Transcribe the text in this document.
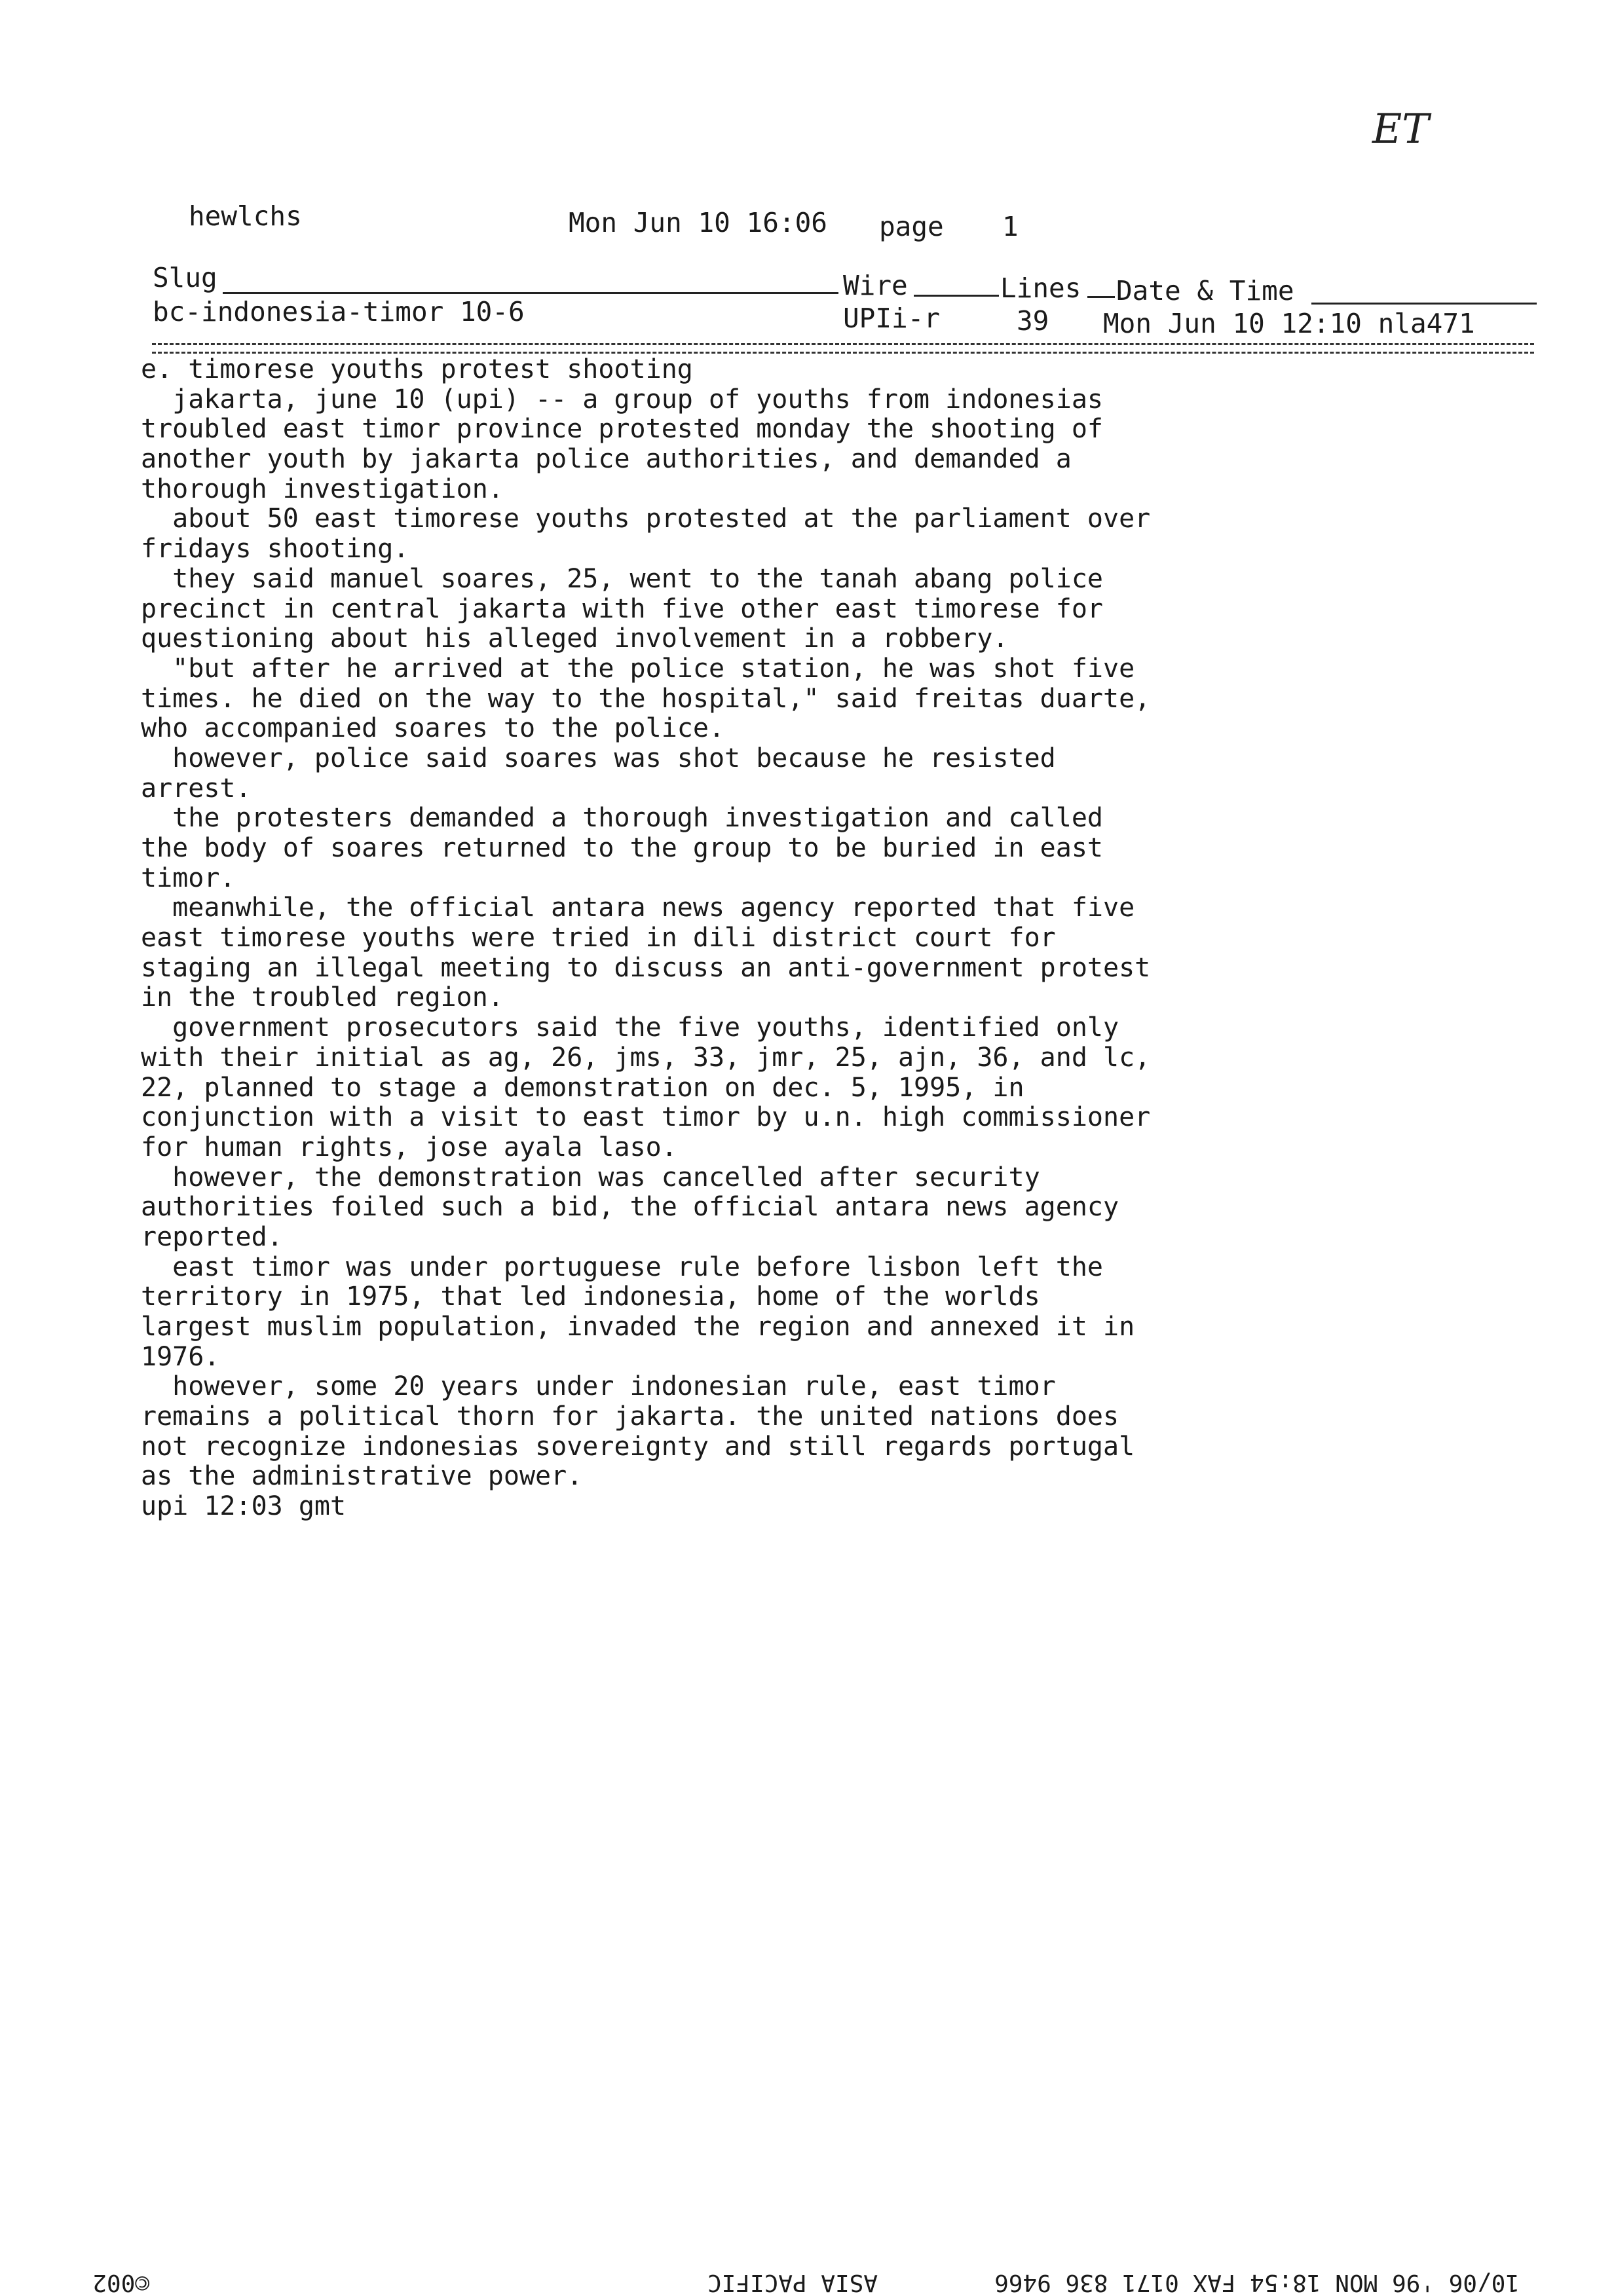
ET
hewlchs	Mon Jun 10 16:06 page 1
Slug	Wire	Lines Date & Time
bc-indonesia-timor 10-6	UPIi-r	39 Mon Jun 10 12:10 nla471
e. timorese youths protest shooting
jakarta, june 10 (upi) -- a group of youths from indonesias
troubled east timor province protested monday the shooting of
another youth by jakarta police authorities, and demanded a
thorough investigation.
about 50 east timorese youths protested at the parliament over
fridays shooting.
they said manuel soares, 25, went to the tanah abang police
precinct in central jakarta with five other east timorese for
questioning about his alleged involvement in a robbery.
"but after he arrived at the police station, he was shot five
times. he died on the way to the hospital," said freitas duarte,
who accompanied soares to the police.
however, police said soares was shot because he resisted
arrest.
the protesters demanded a thorough investigation and called
the body of soares returned to the group to be buried in east
timor.
meanwhile, the official antara news agency reported that five
east timorese youths were tried in dili district court for
staging an illegal meeting to discuss an anti-government protest
in the troubled region.
government prosecutors said the five youths, identified only
with their initial as ag, 26, jms, 33, jmr, 25, ajn, 36, and lc,
22, planned to stage a demonstration on dec. 5, 1995, in
conjunction with a visit to east timor by u.n. high commissioner
for human rights, jose ayala laso.
however, the demonstration was cancelled after security
authorities foiled such a bid, the official antara news agency
reported.
east timor was under portuguese rule before lisbon left the
territory in 1975, that led indonesia, home of the worlds
largest muslim population, invaded the region and annexed it in
1976.
however, some 20 years under indonesian rule, east timor
remains a political thorn for jakarta. the united nations does
not recognize indonesias sovereignty and still regards portugal
as the administrative power.
upi 12:03 gmt
10/06 '96 MON 18:54 FAX 0171 836 9466
ASIA PACIFIC
©002
